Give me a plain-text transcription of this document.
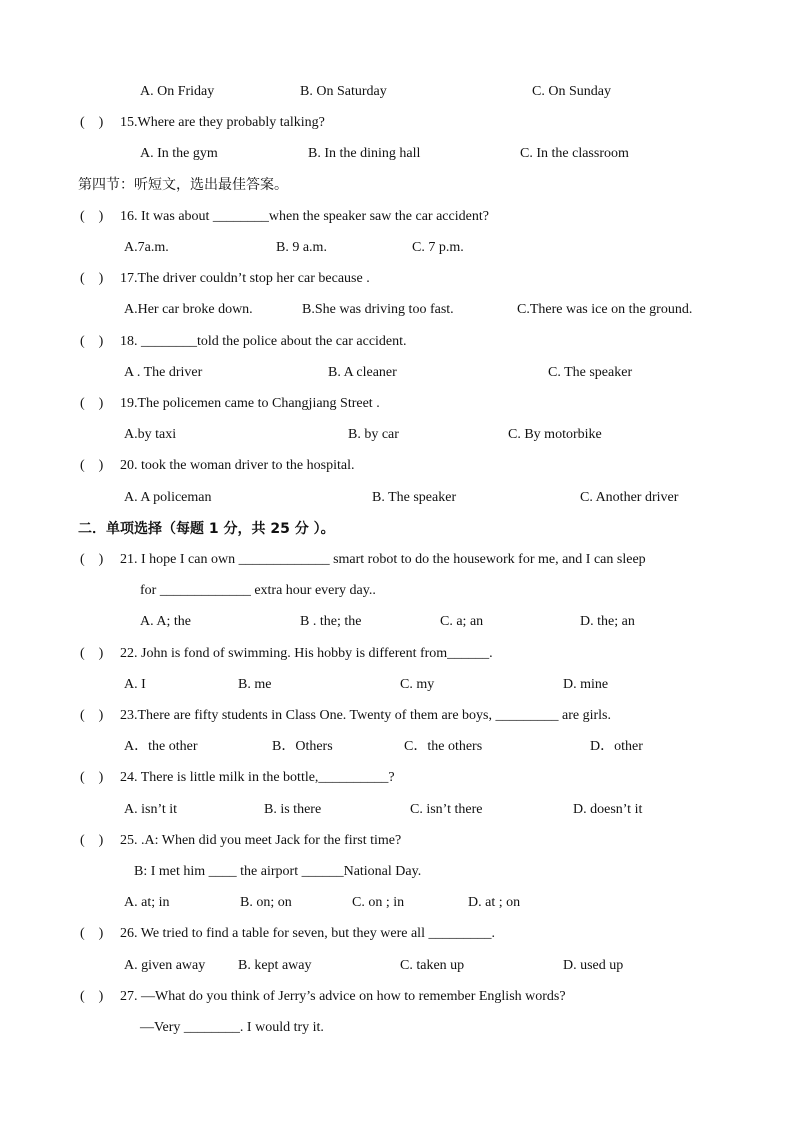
A. On Friday	B. On Saturday	C. On Sunday
(　) 15.Where are they probably talking?
A. In the gym	B. In the dining hall	C. In the classroom
第四节：听短文，选出最佳答案。
(　) 16. It was about ________when the speaker saw the car accident?
A.7a.m.	B. 9 a.m.	C. 7 p.m.
(　) 17.The driver couldn’t stop her car because .
A.Her car broke down.	B.She was driving too fast.	C.There was ice on the ground.
(　) 18. ________told the police about the car accident.
A . The driver	B. A cleaner	C. The speaker
(　) 19.The policemen came to Changjiang Street .
A.by taxi	B. by car	C. By motorbike
(　) 20. took the woman driver to the hospital.
A. A policeman	B. The speaker	C. Another driver
二．单项选择（每题 1 分，共 25 分 ）。
(　) 21. I hope I can own _____________ smart robot to do the housework for me, and I can sleep
for _____________ extra hour every day..
A. A; the	B . the; the	C. a; an	D. the; an
(　) 22. John is fond of swimming. His hobby is different from______.
A. I	B. me	C. my	D. mine
(　) 23.There are fifty students in Class One. Twenty of them are boys, _________ are girls.
A．the other	B．Others	C．the others	D．other
(　) 24. There is little milk in the bottle,__________?
A. isn’t it	B. is there	C. isn’t there	D. doesn’t it
(　) 25. .A: When did you meet Jack for the first time?
B: I met him ____ the airport ______National Day.
A. at; in	B. on; on	C. on ; in	D. at ; on
(　) 26. We tried to find a table for seven, but they were all _________.
A. given away B. kept away	C. taken up	D. used up
(　) 27. —What do you think of Jerry’s advice on how to remember English words?
—Very ________. I would try it.
